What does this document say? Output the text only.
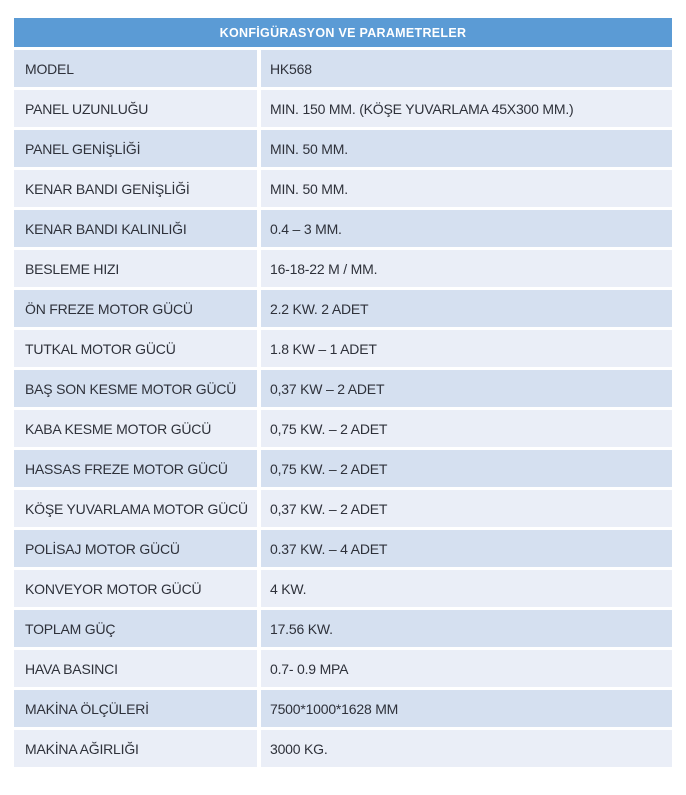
KONFİGÜRASYON VE PARAMETRELER
MODEL	HK568
PANEL UZUNLUĞU	MIN. 150 MM. (KÖŞE YUVARLAMA 45X300 MM.)
PANEL GENİŞLİĞİ	MIN. 50 MM.
KENAR BANDI GENİŞLİĞİ	MIN. 50 MM.
KENAR BANDI KALINLIĞI	0.4 – 3 MM.
BESLEME HIZI	16-18-22 M / MM.
ÖN FREZE MOTOR GÜCÜ	2.2 KW. 2 ADET
TUTKAL MOTOR GÜCÜ	1.8 KW – 1 ADET
BAŞ SON KESME MOTOR GÜCÜ	0,37 KW – 2 ADET
KABA KESME MOTOR GÜCÜ	0,75 KW. – 2 ADET
HASSAS FREZE MOTOR GÜCÜ	0,75 KW. – 2 ADET
KÖŞE YUVARLAMA MOTOR GÜCÜ	0,37 KW. – 2 ADET
POLİSAJ MOTOR GÜCÜ	0.37 KW. – 4 ADET
KONVEYOR MOTOR GÜCÜ	4 KW.
TOPLAM GÜÇ	17.56 KW.
HAVA BASINCI	0.7- 0.9 MPA
MAKİNA ÖLÇÜLERİ	7500*1000*1628 MM
MAKİNA AĞIRLIĞI	3000 KG.
